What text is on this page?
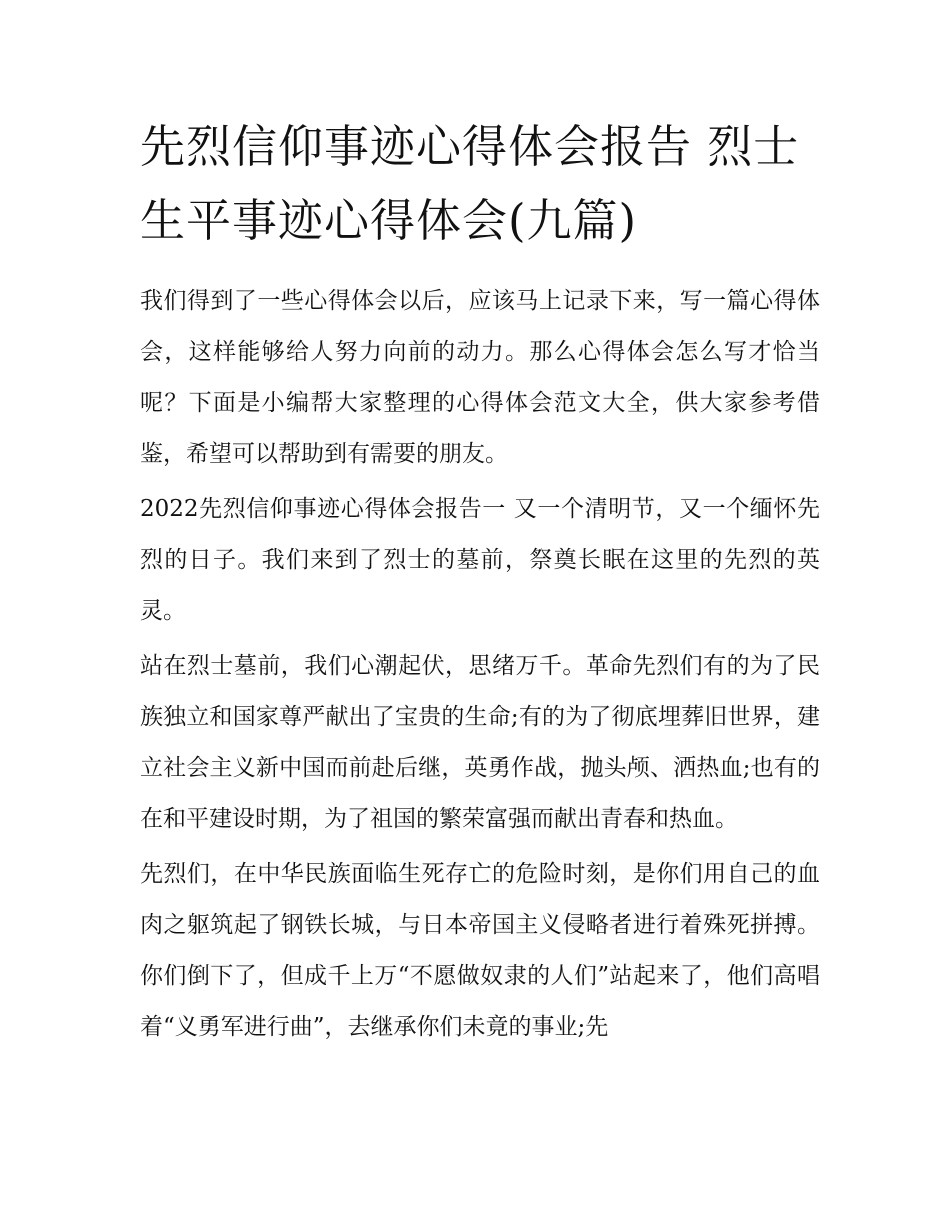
先烈信仰事迹心得体会报告 烈士生平事迹心得体会(九篇)

我们得到了一些心得体会以后，应该马上记录下来，写一篇心得体会，这样能够给人努力向前的动力。那么心得体会怎么写才恰当呢？下面是小编帮大家整理的心得体会范文大全，供大家参考借鉴，希望可以帮助到有需要的朋友。

2022先烈信仰事迹心得体会报告一 又一个清明节，又一个缅怀先烈的日子。我们来到了烈士的墓前，祭奠长眠在这里的先烈的英灵。

站在烈士墓前，我们心潮起伏，思绪万千。革命先烈们有的为了民族独立和国家尊严献出了宝贵的生命;有的为了彻底埋葬旧世界，建立社会主义新中国而前赴后继，英勇作战，抛头颅、洒热血;也有的在和平建设时期，为了祖国的繁荣富强而献出青春和热血。

先烈们，在中华民族面临生死存亡的危险时刻，是你们用自己的血肉之躯筑起了钢铁长城，与日本帝国主义侵略者进行着殊死拼搏。你们倒下了，但成千上万“不愿做奴隶的人们”站起来了，他们高唱着“义勇军进行曲”，去继承你们未竟的事业;先
